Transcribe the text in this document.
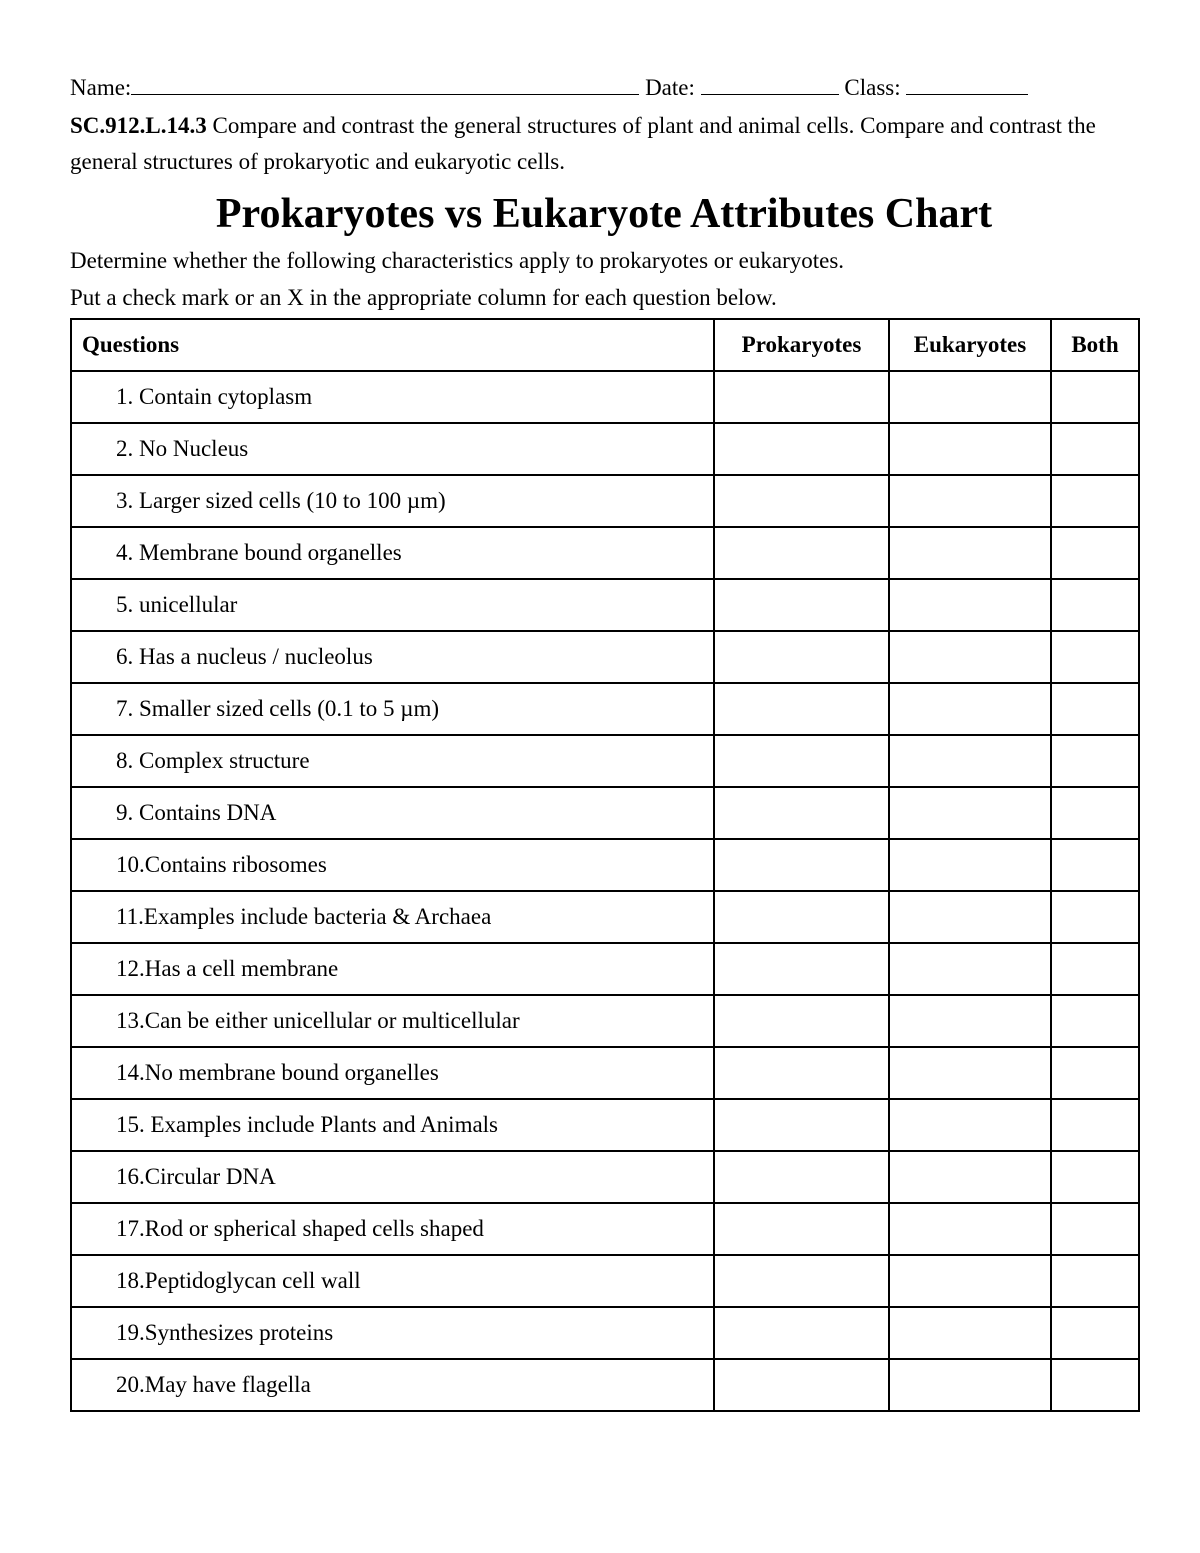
Name:	Date:	Class:
SC.912.L.14.3 Compare and contrast the general structures of plant and animal cells. Compare and contrast the general structures of prokaryotic and eukaryotic cells.
Prokaryotes vs Eukaryote Attributes Chart
Determine whether the following characteristics apply to prokaryotes or eukaryotes.
Put a check mark or an X in the appropriate column for each question below.
Questions	Prokaryotes	Eukaryotes	Both
1. Contain cytoplasm			
2. No Nucleus			
3. Larger sized cells (10 to 100 µm)			
4. Membrane bound organelles			
5. unicellular			
6. Has a nucleus / nucleolus			
7. Smaller sized cells (0.1 to 5 µm)			
8. Complex structure			
9. Contains DNA			
10.Contains ribosomes			
11.Examples include bacteria & Archaea			
12.Has a cell membrane			
13.Can be either unicellular or multicellular			
14.No membrane bound organelles			
15. Examples include Plants and Animals			
16.Circular DNA			
17.Rod or spherical shaped cells shaped			
18.Peptidoglycan cell wall			
19.Synthesizes proteins			
20.May have flagella			
